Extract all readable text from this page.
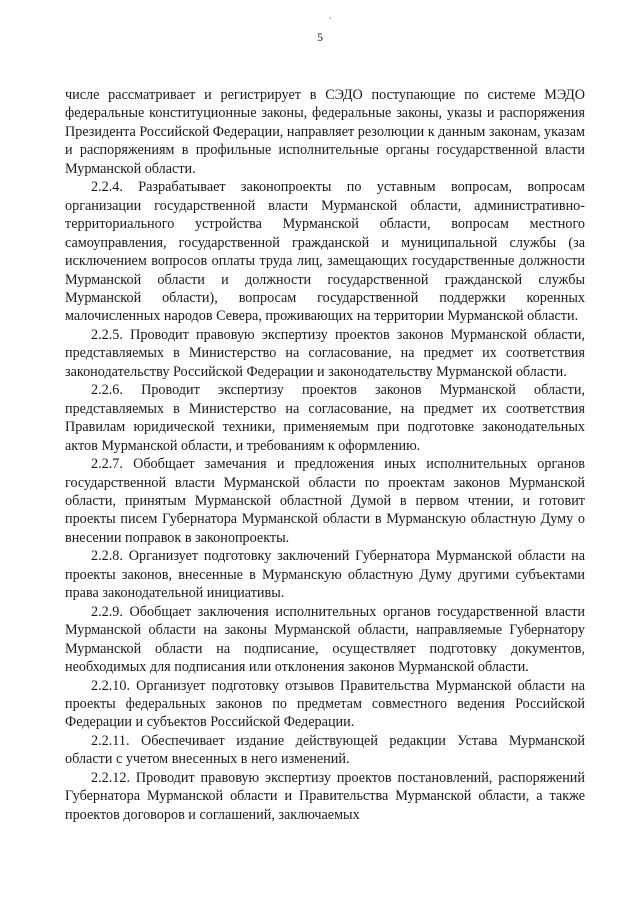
`
5

числе рассматривает и регистрирует в СЭДО поступающие по системе МЭДО федеральные конституционные законы, федеральные законы, указы и распоряжения Президента Российской Федерации, направляет резолюции к данным законам, указам и распоряжениям в профильные исполнительные органы государственной власти Мурманской области.

2.2.4. Разрабатывает законопроекты по уставным вопросам, вопросам организации государственной власти Мурманской области, административно-территориального устройства Мурманской области, вопросам местного самоуправления, государственной гражданской и муниципальной службы (за исключением вопросов оплаты труда лиц, замещающих государственные должности Мурманской области и должности государственной гражданской службы Мурманской области), вопросам государственной поддержки коренных малочисленных народов Севера, проживающих на территории Мурманской области.

2.2.5. Проводит правовую экспертизу проектов законов Мурманской области, представляемых в Министерство на согласование, на предмет их соответствия законодательству Российской Федерации и законодательству Мурманской области.

2.2.6. Проводит экспертизу проектов законов Мурманской области, представляемых в Министерство на согласование, на предмет их соответствия Правилам юридической техники, применяемым при подготовке законодательных актов Мурманской области, и требованиям к оформлению.

2.2.7. Обобщает замечания и предложения иных исполнительных органов государственной власти Мурманской области по проектам законов Мурманской области, принятым Мурманской областной Думой в первом чтении, и готовит проекты писем Губернатора Мурманской области в Мурманскую областную Думу о внесении поправок в законопроекты.

2.2.8. Организует подготовку заключений Губернатора Мурманской области на проекты законов, внесенные в Мурманскую областную Думу другими субъектами права законодательной инициативы.

2.2.9. Обобщает заключения исполнительных органов государственной власти Мурманской области на законы Мурманской области, направляемые Губернатору Мурманской области на подписание, осуществляет подготовку документов, необходимых для подписания или отклонения законов Мурманской области.

2.2.10. Организует подготовку отзывов Правительства Мурманской области на проекты федеральных законов по предметам совместного ведения Российской Федерации и субъектов Российской Федерации.

2.2.11. Обеспечивает издание действующей редакции Устава Мурманской области с учетом внесенных в него изменений.

2.2.12. Проводит правовую экспертизу проектов постановлений, распоряжений Губернатора Мурманской области и Правительства Мурманской области, а также проектов договоров и соглашений, заключаемых
